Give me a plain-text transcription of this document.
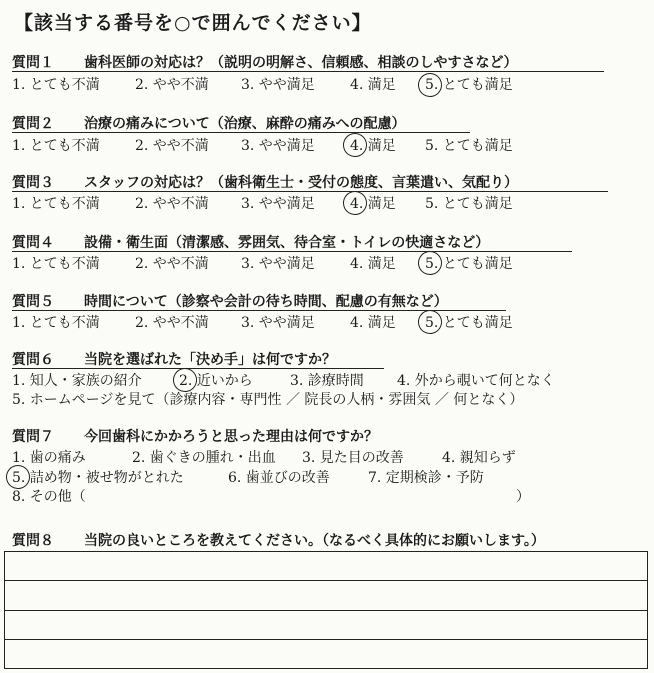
【該当する番号を○で囲んでください】
質問１ 歯科医師の対応は？（説明の明解さ、信頼感、相談のしやすさなど）
1. とても不満	2. やや不満 3. やや満足	4. 満足 5. とても満足
質問２ 治療の痛みについて（治療、麻酔の痛みへの配慮）
1. とても不満	2. やや不満 3. やや満足	4. 満足 5. とても満足
質問３ スタッフの対応は？（歯科衛生士・受付の態度、言葉遣い、気配り）
1. とても不満	2. やや不満 3. やや満足	4. 満足 5. とても満足
質問４ 設備・衛生面（清潔感、雰囲気、待合室・トイレの快適さなど）
1. とても不満	2. やや不満 3. やや満足	4. 満足 5. とても満足
質問５ 時間について（診察や会計の待ち時間、配慮の有無など）
1. とても不満	2. やや不満 3. やや満足	4. 満足 5. とても満足
質問６ 当院を選ばれた「決め手」は何ですか？
1. 知人・家族の紹介	2. 近いから	3. 診療時間 4. 外から覗いて何となく
5. ホームページを見て（診療内容・専門性 ／ 院長の人柄・雰囲気 ／ 何となく）
質問７ 今回歯科にかかろうと思った理由は何ですか？
1. 歯の痛み	2. 歯ぐきの腫れ・出血 3. 見た目の改善	4. 親知らず
5. 詰め物・被せ物がとれた	6. 歯並びの改善	7. 定期検診・予防
8. その他（	）
質問８ 当院の良いところを教えてください。（なるべく具体的にお願いします。）
